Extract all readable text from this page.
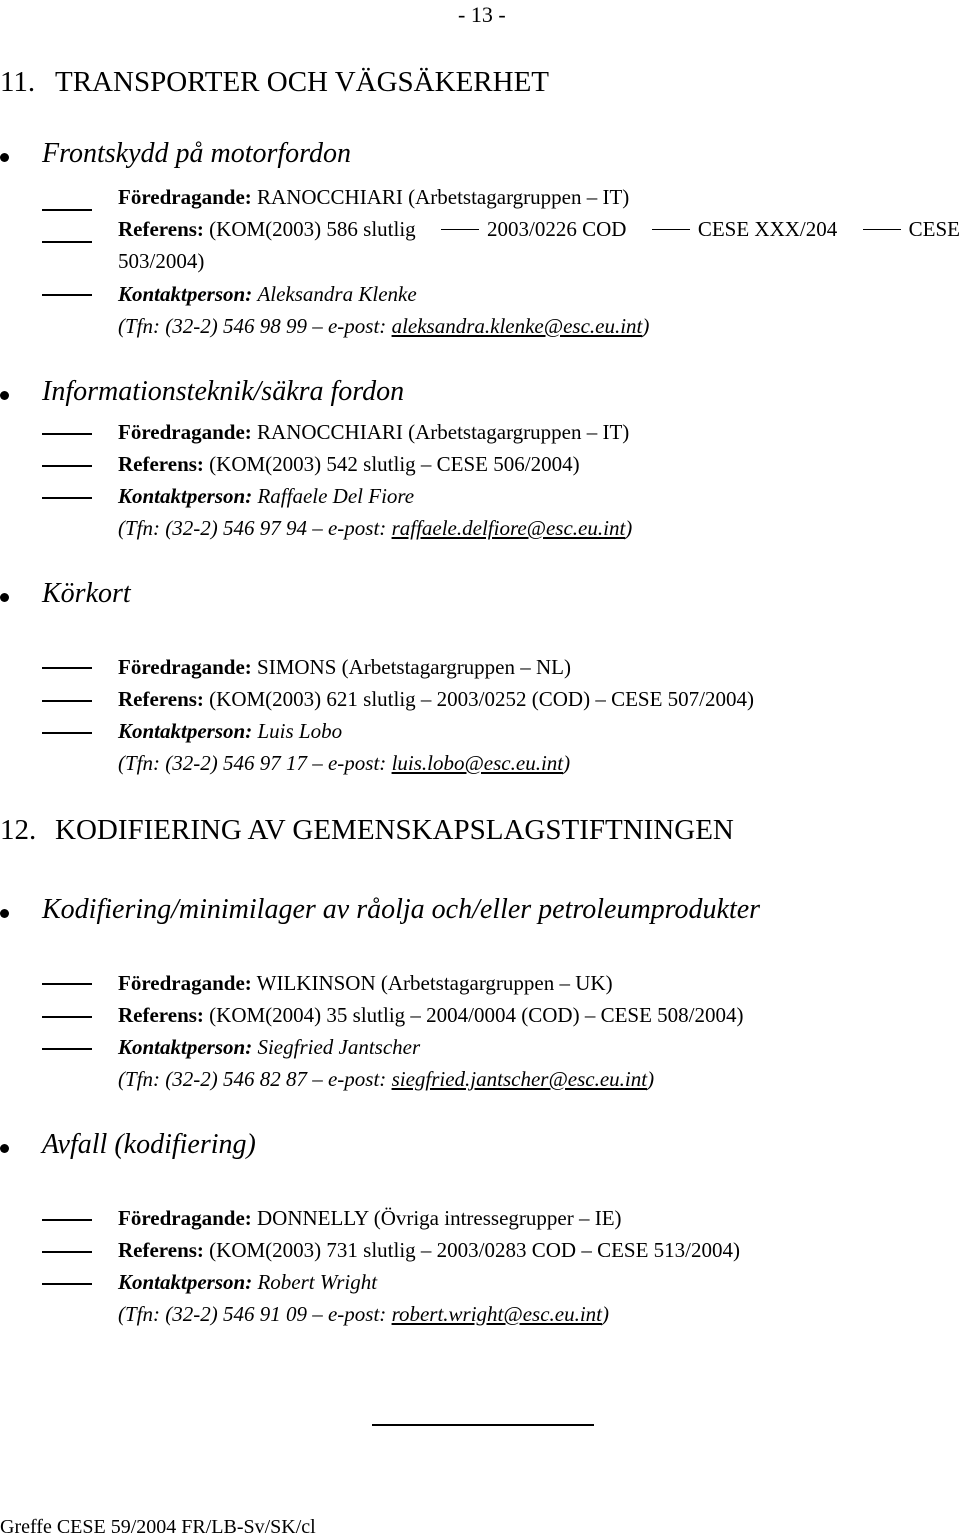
- 13 -
11. TRANSPORTER OCH VÄGSÄKERHET
Frontskydd på motorfordon
Föredragande: RANOCCHIARI (Arbetstagargruppen – IT)
Referens:
(KOM(2003) 586 slutlig	2003/0226 COD	CESE XXX/204	CESE
503/2004)
Kontaktperson: Aleksandra Klenke
(Tfn: (32-2) 546 98 99 – e-post: aleksandra.klenke@esc.eu.int)
Informationsteknik/säkra fordon
Föredragande: RANOCCHIARI (Arbetstagargruppen – IT)
Referens: (KOM(2003) 542 slutlig – CESE 506/2004)
Kontaktperson: Raffaele Del Fiore
(Tfn: (32-2) 546 97 94 – e-post: raffaele.delfiore@esc.eu.int)
Körkort
Föredragande: SIMONS (Arbetstagargruppen – NL)
Referens: (KOM(2003) 621 slutlig – 2003/0252 (COD) – CESE 507/2004)
Kontaktperson: Luis Lobo
(Tfn: (32-2) 546 97 17 – e-post: luis.lobo@esc.eu.int)
12. KODIFIERING AV GEMENSKAPSLAGSTIFTNINGEN
Kodifiering/minimilager av råolja och/eller petroleumprodukter
Föredragande: WILKINSON (Arbetstagargruppen – UK)
Referens: (KOM(2004) 35 slutlig – 2004/0004 (COD) – CESE 508/2004)
Kontaktperson: Siegfried Jantscher
(Tfn: (32-2) 546 82 87 – e-post: siegfried.jantscher@esc.eu.int)
Avfall (kodifiering)
Föredragande: DONNELLY (Övriga intressegrupper – IE)
Referens: (KOM(2003) 731 slutlig – 2003/0283 COD – CESE 513/2004)
Kontaktperson: Robert Wright
(Tfn: (32-2) 546 91 09 – e-post: robert.wright@esc.eu.int)
Greffe CESE 59/2004 FR/LB-Sv/SK/cl
